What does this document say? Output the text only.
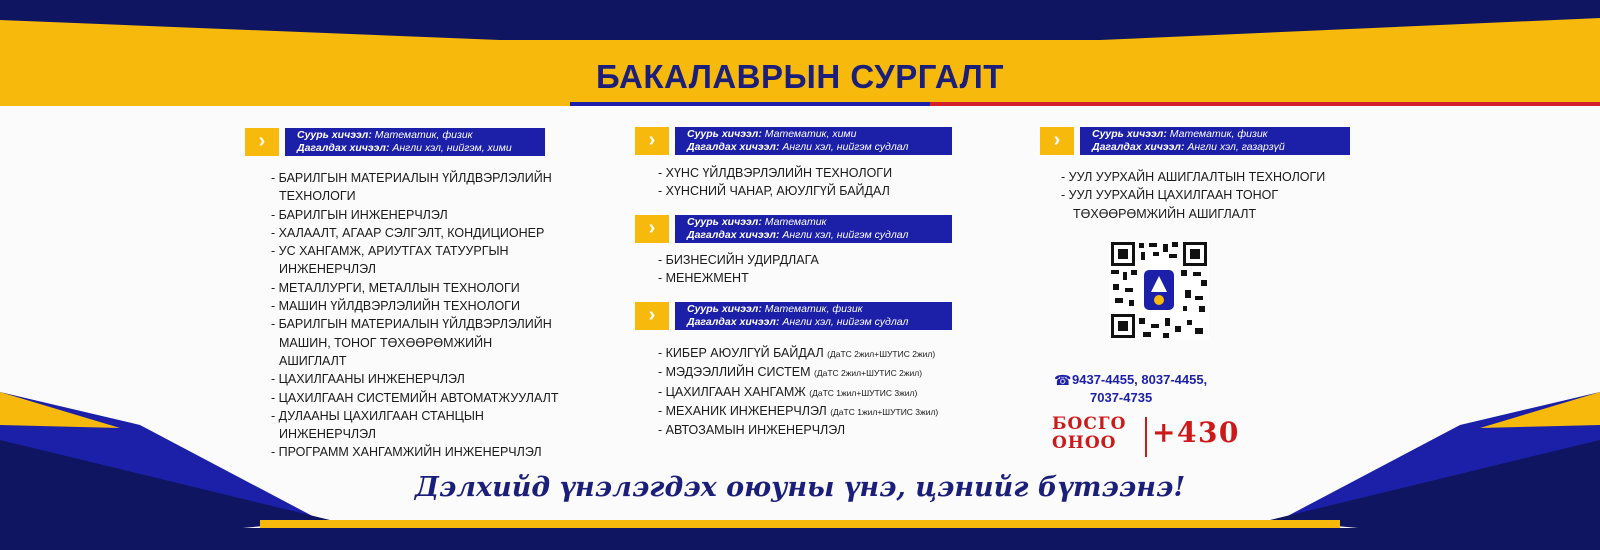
БАКАЛАВРЫН СУРГАЛТ
›	Суурь хичээл: Математик, физик
Дагалдах хичээл: Англи хэл, нийгэм, хими
- БАРИЛГЫН МАТЕРИАЛЫН ҮЙЛДВЭРЛЭЛИЙН
ТЕХНОЛОГИ
- БАРИЛГЫН ИНЖЕНЕРЧЛЭЛ
- ХАЛААЛТ, АГААР СЭЛГЭЛТ, КОНДИЦИОНЕР
- УС ХАНГАМЖ, АРИУТГАХ ТАТУУРГЫН
ИНЖЕНЕРЧЛЭЛ
- МЕТАЛЛУРГИ, МЕТАЛЛЫН ТЕХНОЛОГИ
- МАШИН ҮЙЛДВЭРЛЭЛИЙН ТЕХНОЛОГИ
- БАРИЛГЫН МАТЕРИАЛЫН ҮЙЛДВЭРЛЭЛИЙН
МАШИН, ТОНОГ ТӨХӨӨРӨМЖИЙН
АШИГЛАЛТ
- ЦАХИЛГААНЫ ИНЖЕНЕРЧЛЭЛ
- ЦАХИЛГААН СИСТЕМИЙН АВТОМАТЖУУЛАЛТ
- ДУЛААНЫ ЦАХИЛГААН СТАНЦЫН
ИНЖЕНЕРЧЛЭЛ
- ПРОГРАММ ХАНГАМЖИЙН ИНЖЕНЕРЧЛЭЛ
›	Суурь хичээл: Математик, хими
Дагалдах хичээл: Англи хэл, нийгэм судлал
- ХҮНС ҮЙЛДВЭРЛЭЛИЙН ТЕХНОЛОГИ
- ХҮНСНИЙ ЧАНАР, АЮУЛГҮЙ БАЙДАЛ
›	Суурь хичээл: Математик
Дагалдах хичээл: Англи хэл, нийгэм судлал
- БИЗНЕСИЙН УДИРДЛАГА
- МЕНЕЖМЕНТ
›	Суурь хичээл: Математик, физик
Дагалдах хичээл: Англи хэл, нийгэм судлал
- КИБЕР АЮУЛГҮЙ БАЙДАЛ (ДаТС 2жил+ШУТИС 2жил)
- МЭДЭЭЛЛИЙН СИСТЕМ (ДаТС 2жил+ШУТИС 2жил)
- ЦАХИЛГААН ХАНГАМЖ (ДаТС 1жил+ШУТИС 3жил)
- МЕХАНИК ИНЖЕНЕРЧЛЭЛ (ДаТС 1жил+ШУТИС 3жил)
- АВТОЗАМЫН ИНЖЕНЕРЧЛЭЛ
›	Суурь хичээл: Математик, физик
Дагалдах хичээл: Англи хэл, газарзүй
- УУЛ УУРХАЙН АШИГЛАЛТЫН ТЕХНОЛОГИ
- УУЛ УУРХАЙН ЦАХИЛГААН ТОНОГ
ТӨХӨӨРӨМЖИЙН АШИГЛАЛТ
☎ 9437-4455, 8037-4455,
7037-4735
БОСГО
ОНОО	+430
Дэлхийд үнэлэгдэх оюуны үнэ, цэнийг бүтээнэ!
